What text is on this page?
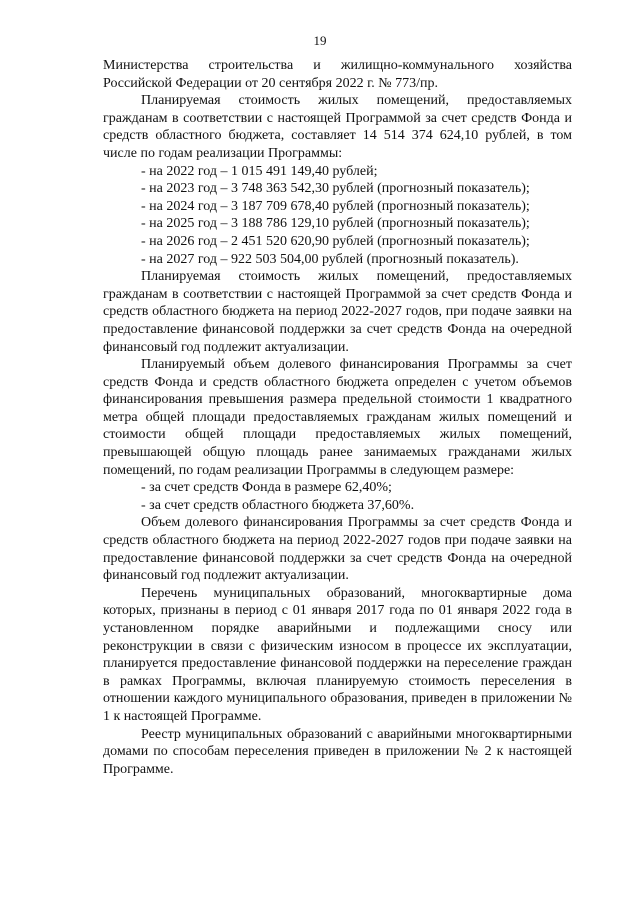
19

Министерства строительства и жилищно-коммунального хозяйства Российской Федерации от 20 сентября 2022 г. № 773/пр.

Планируемая стоимость жилых помещений, предоставляемых гражданам в соответствии с настоящей Программой за счет средств Фонда и средств областного бюджета, составляет 14 514 374 624,10 рублей, в том числе по годам реализации Программы:

- на 2022 год – 1 015 491 149,40 рублей;

- на 2023 год – 3 748 363 542,30 рублей (прогнозный показатель);

- на 2024 год – 3 187 709 678,40 рублей (прогнозный показатель);

- на 2025 год – 3 188 786 129,10 рублей (прогнозный показатель);

- на 2026 год – 2 451 520 620,90 рублей (прогнозный показатель);

- на 2027 год – 922 503 504,00 рублей (прогнозный показатель).

Планируемая стоимость жилых помещений, предоставляемых гражданам в соответствии с настоящей Программой за счет средств Фонда и средств областного бюджета на период 2022-2027 годов, при подаче заявки на предоставление финансовой поддержки за счет средств Фонда на очередной финансовый год подлежит актуализации.

Планируемый объем долевого финансирования Программы за счет средств Фонда и средств областного бюджета определен с учетом объемов финансирования превышения размера предельной стоимости 1 квадратного метра общей площади предоставляемых гражданам жилых помещений и стоимости общей площади предоставляемых жилых помещений, превышающей общую площадь ранее занимаемых гражданами жилых помещений, по годам реализации Программы в следующем размере:

- за счет средств Фонда в размере 62,40%;

- за счет средств областного бюджета 37,60%.

Объем долевого финансирования Программы за счет средств Фонда и средств областного бюджета на период 2022-2027 годов при подаче заявки на предоставление финансовой поддержки за счет средств Фонда на очередной финансовый год подлежит актуализации.

Перечень муниципальных образований, многоквартирные дома которых, признаны в период с 01 января 2017 года по 01 января 2022 года в установленном порядке аварийными и подлежащими сносу или реконструкции в связи с физическим износом в процессе их эксплуатации, планируется предоставление финансовой поддержки на переселение граждан в рамках Программы, включая планируемую стоимость переселения в отношении каждого муниципального образования, приведен в приложении № 1 к настоящей Программе.

Реестр муниципальных образований с аварийными многоквартирными домами по способам переселения приведен в приложении № 2 к настоящей Программе.
